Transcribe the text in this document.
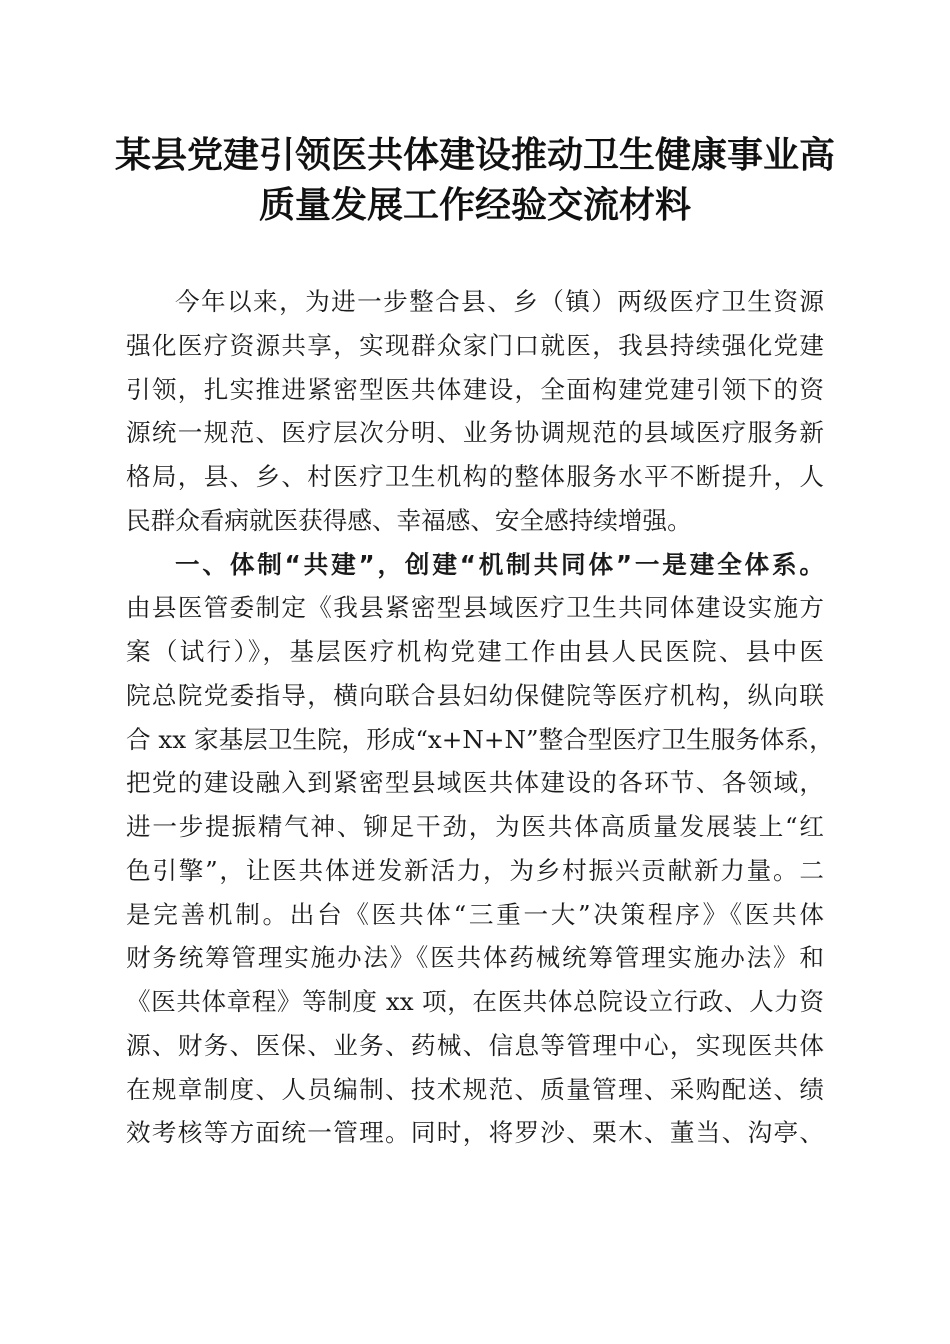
某县党建引领医共体建设推动卫生健康事业高
质量发展工作经验交流材料
今年以来，为进一步整合县、乡（镇）两级医疗卫生资源
强化医疗资源共享，实现群众家门口就医，我县持续强化党建
引领，扎实推进紧密型医共体建设，全面构建党建引领下的资
源统一规范、医疗层次分明、业务协调规范的县域医疗服务新
格局，县、乡、村医疗卫生机构的整体服务水平不断提升，人
民群众看病就医获得感、幸福感、安全感持续增强。
一、体制“共建”，创建“机制共同体”一是建全体系。
由县医管委制定《我县紧密型县域医疗卫生共同体建设实施方
案（试行）》，基层医疗机构党建工作由县人民医院、县中医
院总院党委指导，横向联合县妇幼保健院等医疗机构，纵向联
合 xx 家基层卫生院，形成“x+N+N”整合型医疗卫生服务体系，
把党的建设融入到紧密型县域医共体建设的各环节、各领域，
进一步提振精气神、铆足干劲，为医共体高质量发展装上“红
色引擎”，让医共体迸发新活力，为乡村振兴贡献新力量。二
是完善机制。出台《医共体“三重一大”决策程序》《医共体
财务统筹管理实施办法》《医共体药械统筹管理实施办法》和
《医共体章程》等制度 xx 项，在医共体总院设立行政、人力资
源、财务、医保、业务、药械、信息等管理中心，实现医共体
在规章制度、人员编制、技术规范、质量管理、采购配送、绩
效考核等方面统一管理。同时，将罗沙、栗木、董当、沟亭、
